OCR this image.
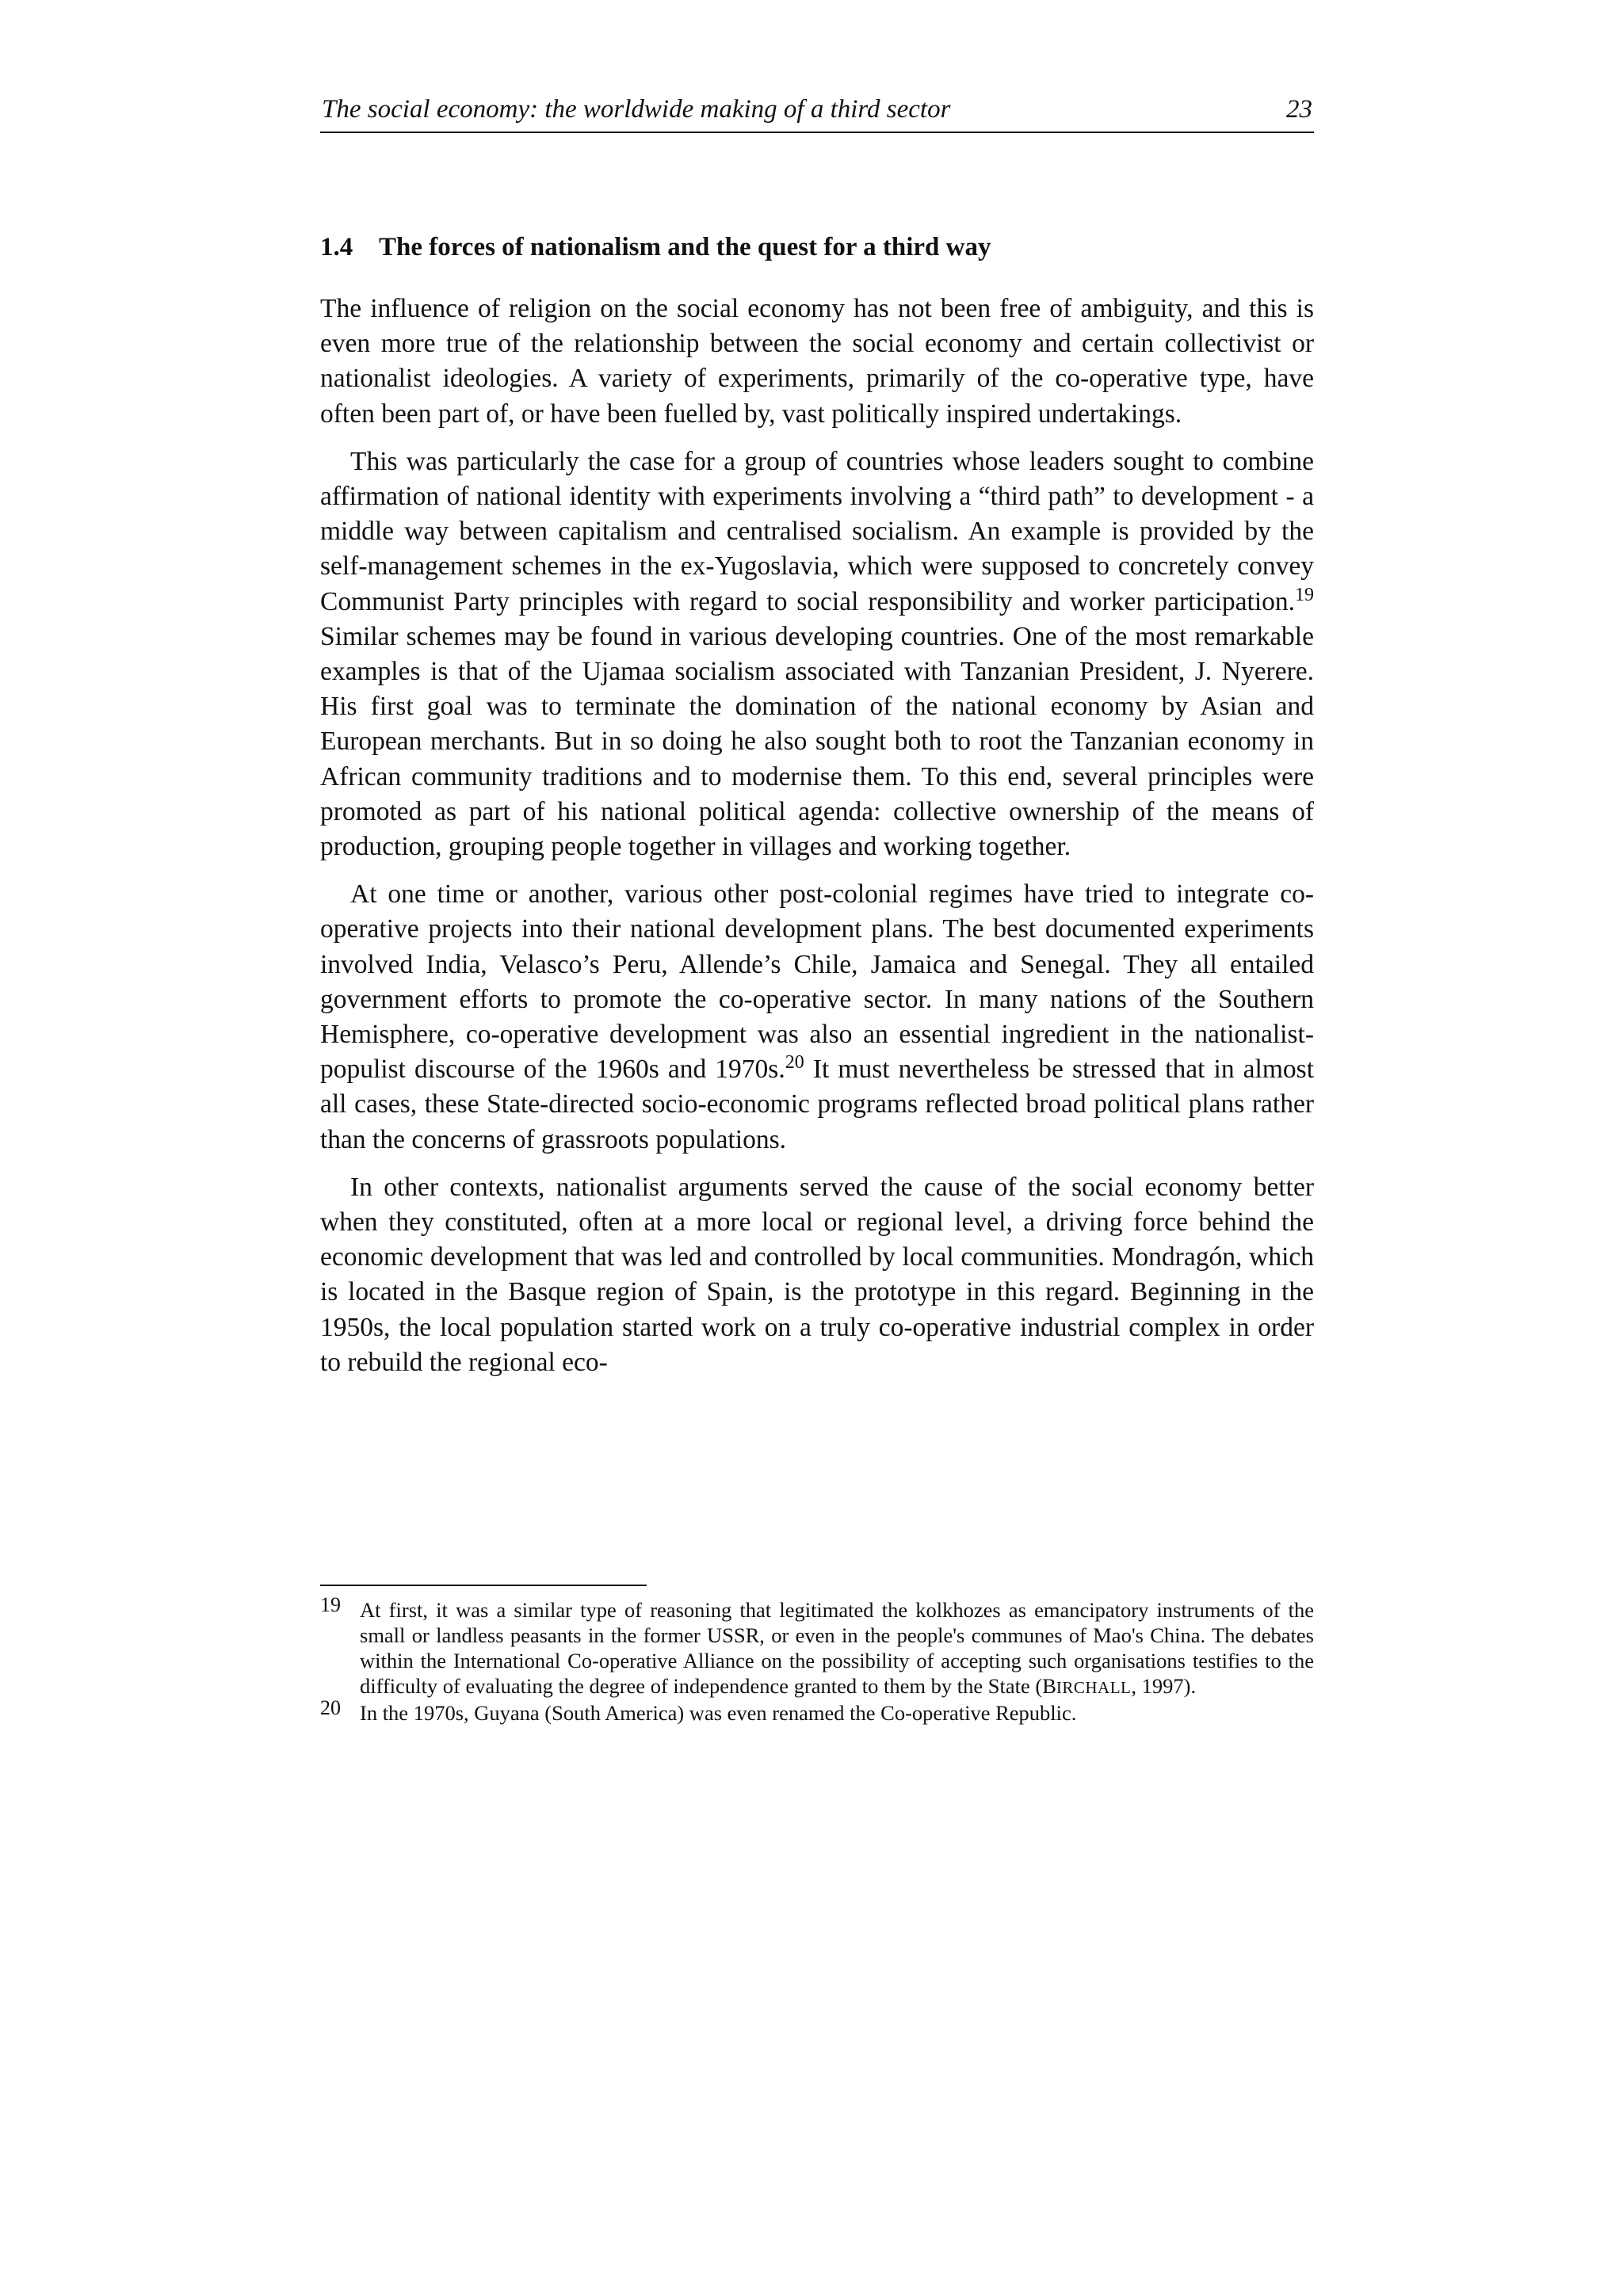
The social economy: the worldwide making of a third sector	23
1.4 The forces of nationalism and the quest for a third way

The influence of religion on the social economy has not been free of ambiguity, and this is even more true of the relationship between the social economy and certain collectivist or nationalist ideologies. A variety of experiments, primarily of the co-operative type, have often been part of, or have been fuelled by, vast politically inspired undertakings.

This was particularly the case for a group of countries whose leaders sought to combine affirmation of national identity with experiments involving a “third path” to development - a middle way between capitalism and centralised socialism. An example is provided by the self-management schemes in the ex-Yugoslavia, which were supposed to concretely convey Communist Party principles with regard to social responsibility and worker participation.$^{19}$ Similar schemes may be found in various developing countries. One of the most remarkable examples is that of the Ujamaa socialism associated with Tanzanian President, J. Nyerere. His first goal was to terminate the domination of the national economy by Asian and European merchants. But in so doing he also sought both to root the Tanzanian economy in African community traditions and to modernise them. To this end, several principles were promoted as part of his national political agenda: collective ownership of the means of production, grouping people together in villages and working together.

At one time or another, various other post-colonial regimes have tried to integrate co-operative projects into their national development plans. The best documented experiments involved India, Velasco’s Peru, Allende’s Chile, Jamaica and Senegal. They all entailed government efforts to promote the co-operative sector. In many nations of the Southern Hemisphere, co-operative development was also an essential ingredient in the nationalist-populist discourse of the 1960s and 1970s.$^{20}$ It must nevertheless be stressed that in almost all cases, these State-directed socio-economic programs reflected broad political plans rather than the concerns of grassroots populations.

In other contexts, nationalist arguments served the cause of the social economy better when they constituted, often at a more local or regional level, a driving force behind the economic development that was led and controlled by local communities. Mondragón, which is located in the Basque region of Spain, is the prototype in this regard. Beginning in the 1950s, the local population started work on a truly co-operative industrial complex in order to rebuild the regional eco-

19 At first, it was a similar type of reasoning that legitimated the kolkhozes as emancipatory instruments of the small or landless peasants in the former USSR, or even in the people's communes of Mao's China. The debates within the International Co-operative Alliance on the possibility of accepting such organisations testifies to the difficulty of evaluating the degree of independence granted to them by the State (BIRCHALL, 1997).
20 In the 1970s, Guyana (South America) was even renamed the Co-operative Republic.
